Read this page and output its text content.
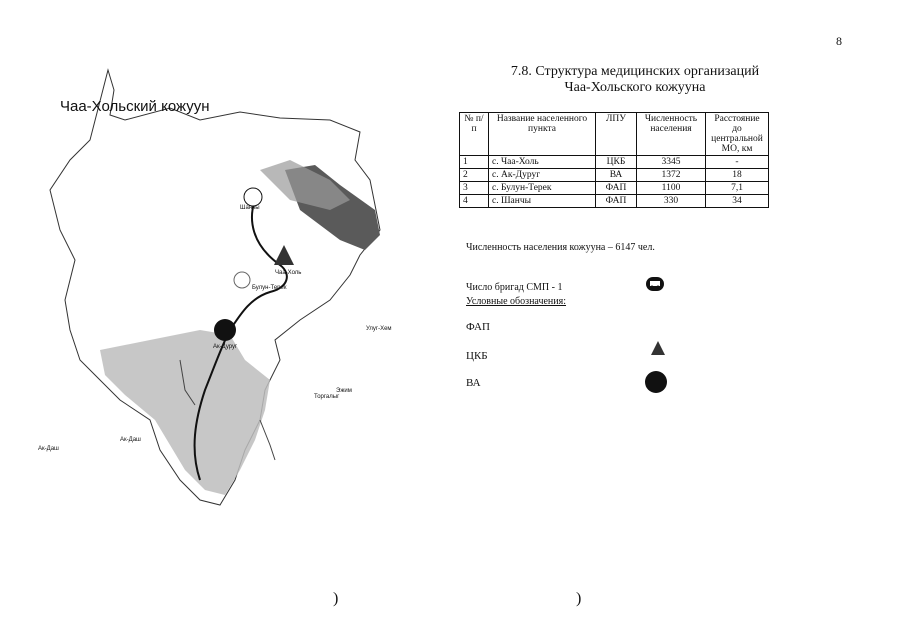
8
7.8. Структура медицинских организаций
Чаа-Хольского кожууна
Чаа-Хольский кожуун
Шанчы
Чаа-Холь
Булун-Терек
Ак-Дуруг
Улуг-Хем
Эжим
Торгалыг
Ак-Даш
Ак-Даш
№ п/п	Название населенного пункта	ЛПУ	Численность населения	Расстояние до центральной МО, км
1	с. Чаа-Холь	ЦКБ	3345	-
2	с. Ак-Дуруг	ВА	1372	18
3	с. Булун-Терек	ФАП	1100	7,1
4	с. Шанчы	ФАП	330	34
Численность населения кожууна – 6147 чел.
Число бригад СМП - 1
Условные обозначения:
ФАП
ЦКБ
ВА
)	)
